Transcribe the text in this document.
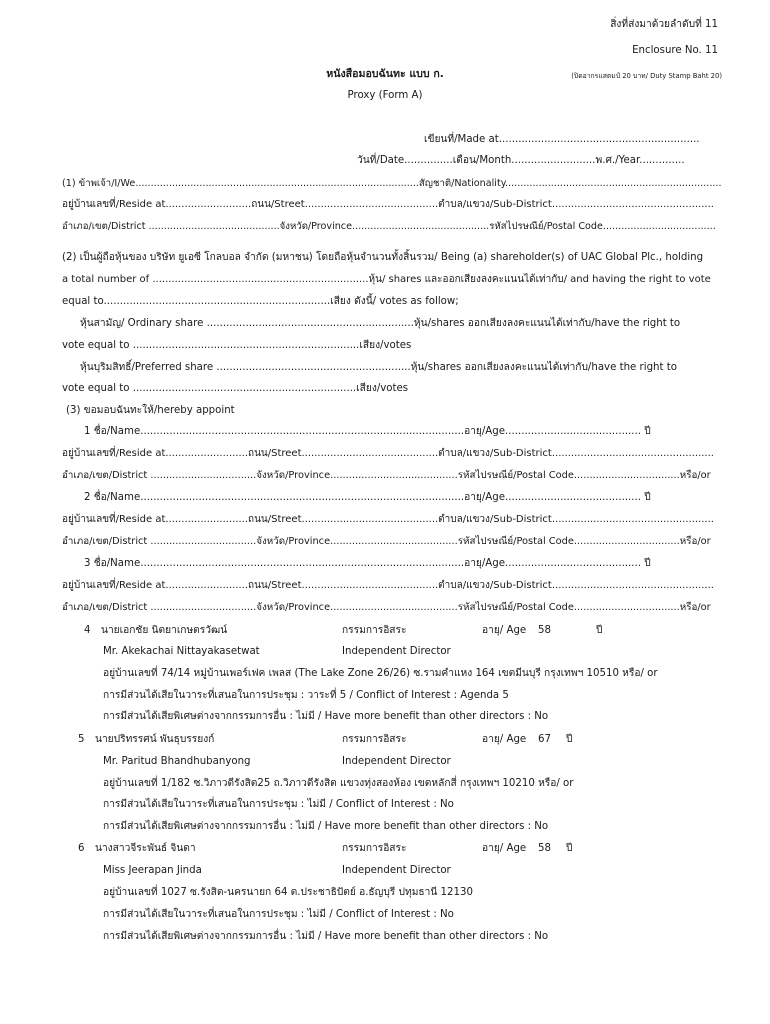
สิ่งที่ส่งมาด้วยลำดับที่ 11
Enclosure No. 11
หนังสือมอบฉันทะ แบบ ก.	(ปิดอากรแสตมป์ 20 บาท/ Duty Stamp Baht 20)
Proxy (Form A)
เขียนที่/Made at..............................................................
วันที่/Date...............เดือน/Month..........................พ.ศ./Year..............
(1) ข้าพเจ้า/I/We.............................................................................................สัญชาติ/Nationality.......................................................................
อยู่บ้านเลขที่/Reside at...........................ถนน/Street..........................................ตำบล/แขวง/Sub-District...................................................
อำเภอ/เขต/District ...........................................จังหวัด/Province.............................................รหัสไปรษณีย์/Postal Code.....................................
(2) เป็นผู้ถือหุ้นของ บริษัท ยูเอซี โกลบอล จำกัด (มหาชน) โดยถือหุ้นจำนวนทั้งสิ้นรวม/ Being (a) shareholder(s) of UAC Global Plc., holding
a total number of ....................................................................หุ้น/ shares และออกเสียงลงคะแนนได้เท่ากับ/ and having the right to vote
equal to......................................................................เสียง ดังนี้/ votes as follow;
หุ้นสามัญ/ Ordinary share ................................................................หุ้น/shares ออกเสียงลงคะแนนได้เท่ากับ/have the right to
vote equal to ......................................................................เสียง/votes
หุ้นบุริมสิทธิ์/Preferred share ............................................................หุ้น/shares ออกเสียงลงคะแนนได้เท่ากับ/have the right to
vote equal to .....................................................................เสียง/votes
(3) ขอมอบฉันทะให้/hereby appoint
1 ชื่อ/Name....................................................................................................อายุ/Age.......................................... ปี
อยู่บ้านเลขที่/Reside at..........................ถนน/Street...........................................ตำบล/แขวง/Sub-District...................................................
อำเภอ/เขต/District ..................................จังหวัด/Province.........................................รหัสไปรษณีย์/Postal Code..................................หรือ/or
2 ชื่อ/Name....................................................................................................อายุ/Age.......................................... ปี
อยู่บ้านเลขที่/Reside at..........................ถนน/Street...........................................ตำบล/แขวง/Sub-District...................................................
อำเภอ/เขต/District ..................................จังหวัด/Province.........................................รหัสไปรษณีย์/Postal Code..................................หรือ/or
3 ชื่อ/Name....................................................................................................อายุ/Age.......................................... ปี
อยู่บ้านเลขที่/Reside at..........................ถนน/Street...........................................ตำบล/แขวง/Sub-District...................................................
อำเภอ/เขต/District ..................................จังหวัด/Province.........................................รหัสไปรษณีย์/Postal Code..................................หรือ/or
4 นายเอกชัย นิตยาเกษตรวัฒน์	กรรมการอิสระ	อายุ/ Age 58	ปี
Mr. Akekachai Nittayakasetwat	Independent Director
อยู่บ้านเลขที่ 74/14 หมู่บ้านเพอร์เฟค เพลส (The Lake Zone 26/26) ซ.รามคำแหง 164 เขตมีนบุรี กรุงเทพฯ 10510 หรือ/ or
การมีส่วนได้เสียในวาระที่เสนอในการประชุม : วาระที่ 5 / Conflict of Interest : Agenda 5
การมีส่วนได้เสียพิเศษต่างจากกรรมการอื่น : ไม่มี / Have more benefit than other directors : No
5 นายปริทรรศน์ พันธุบรรยงก์	กรรมการอิสระ	อายุ/ Age 67 ปี
Mr. Paritud Bhandhubanyong	Independent Director
อยู่บ้านเลขที่ 1/182 ซ.วิภาวดีรังสิต25 ถ.วิภาวดีรังสิต แขวงทุ่งสองห้อง เขตหลักสี่ กรุงเทพฯ 10210 หรือ/ or
การมีส่วนได้เสียในวาระที่เสนอในการประชุม : ไม่มี / Conflict of Interest : No
การมีส่วนได้เสียพิเศษต่างจากกรรมการอื่น : ไม่มี / Have more benefit than other directors : No
6 นางสาวจีระพันธ์ จินดา	กรรมการอิสระ	อายุ/ Age 58 ปี
Miss Jeerapan Jinda	Independent Director
อยู่บ้านเลขที่ 1027 ซ.รังสิต-นครนายก 64 ต.ประชาธิปัตย์ อ.ธัญบุรี ปทุมธานี 12130
การมีส่วนได้เสียในวาระที่เสนอในการประชุม : ไม่มี / Conflict of Interest : No
การมีส่วนได้เสียพิเศษต่างจากกรรมการอื่น : ไม่มี / Have more benefit than other directors : No
